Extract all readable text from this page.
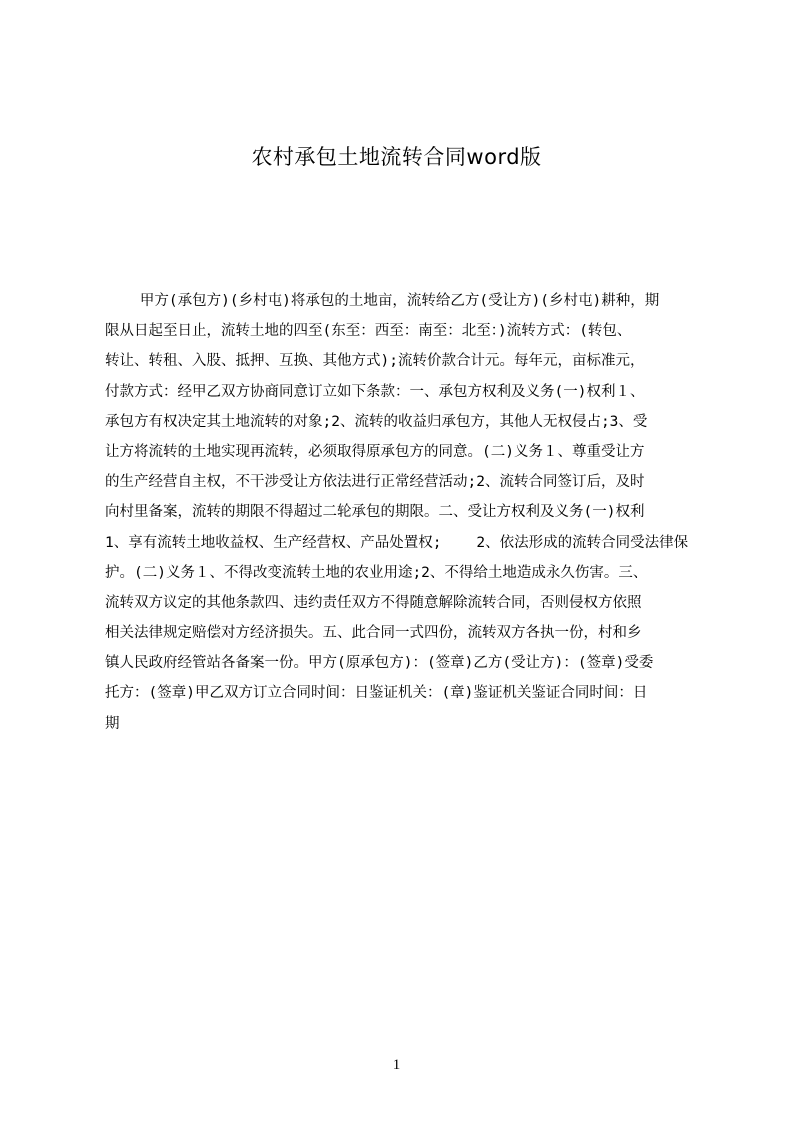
农村承包土地流转合同word版
甲方(承包方)(乡村屯)将承包的土地亩，流转给乙方(受让方)(乡村屯)耕种，期
限从日起至日止，流转土地的四至(东至：西至：南至：北至：)流转方式：(转包、
转让、转租、入股、抵押、互换、其他方式);流转价款合计元。每年元，亩标准元，
付款方式：经甲乙双方协商同意订立如下条款：一、承包方权利及义务(一)权利１、
承包方有权决定其土地流转的对象;2、流转的收益归承包方，其他人无权侵占;3、受
让方将流转的土地实现再流转，必须取得原承包方的同意。(二)义务１、尊重受让方
的生产经营自主权，不干涉受让方依法进行正常经营活动;2、流转合同签订后，及时
向村里备案，流转的期限不得超过二轮承包的期限。二、受让方权利及义务(一)权利
1、享有流转土地收益权、生产经营权、产品处置权;    2、依法形成的流转合同受法律保
护。(二)义务１、不得改变流转土地的农业用途;2、不得给土地造成永久伤害。三、
流转双方议定的其他条款四、违约责任双方不得随意解除流转合同，否则侵权方依照
相关法律规定赔偿对方经济损失。五、此合同一式四份，流转双方各执一份，村和乡
镇人民政府经管站各备案一份。甲方(原承包方)：(签章)乙方(受让方)：(签章)受委
托方：(签章)甲乙双方订立合同时间：日鉴证机关：(章)鉴证机关鉴证合同时间：日
期
1
